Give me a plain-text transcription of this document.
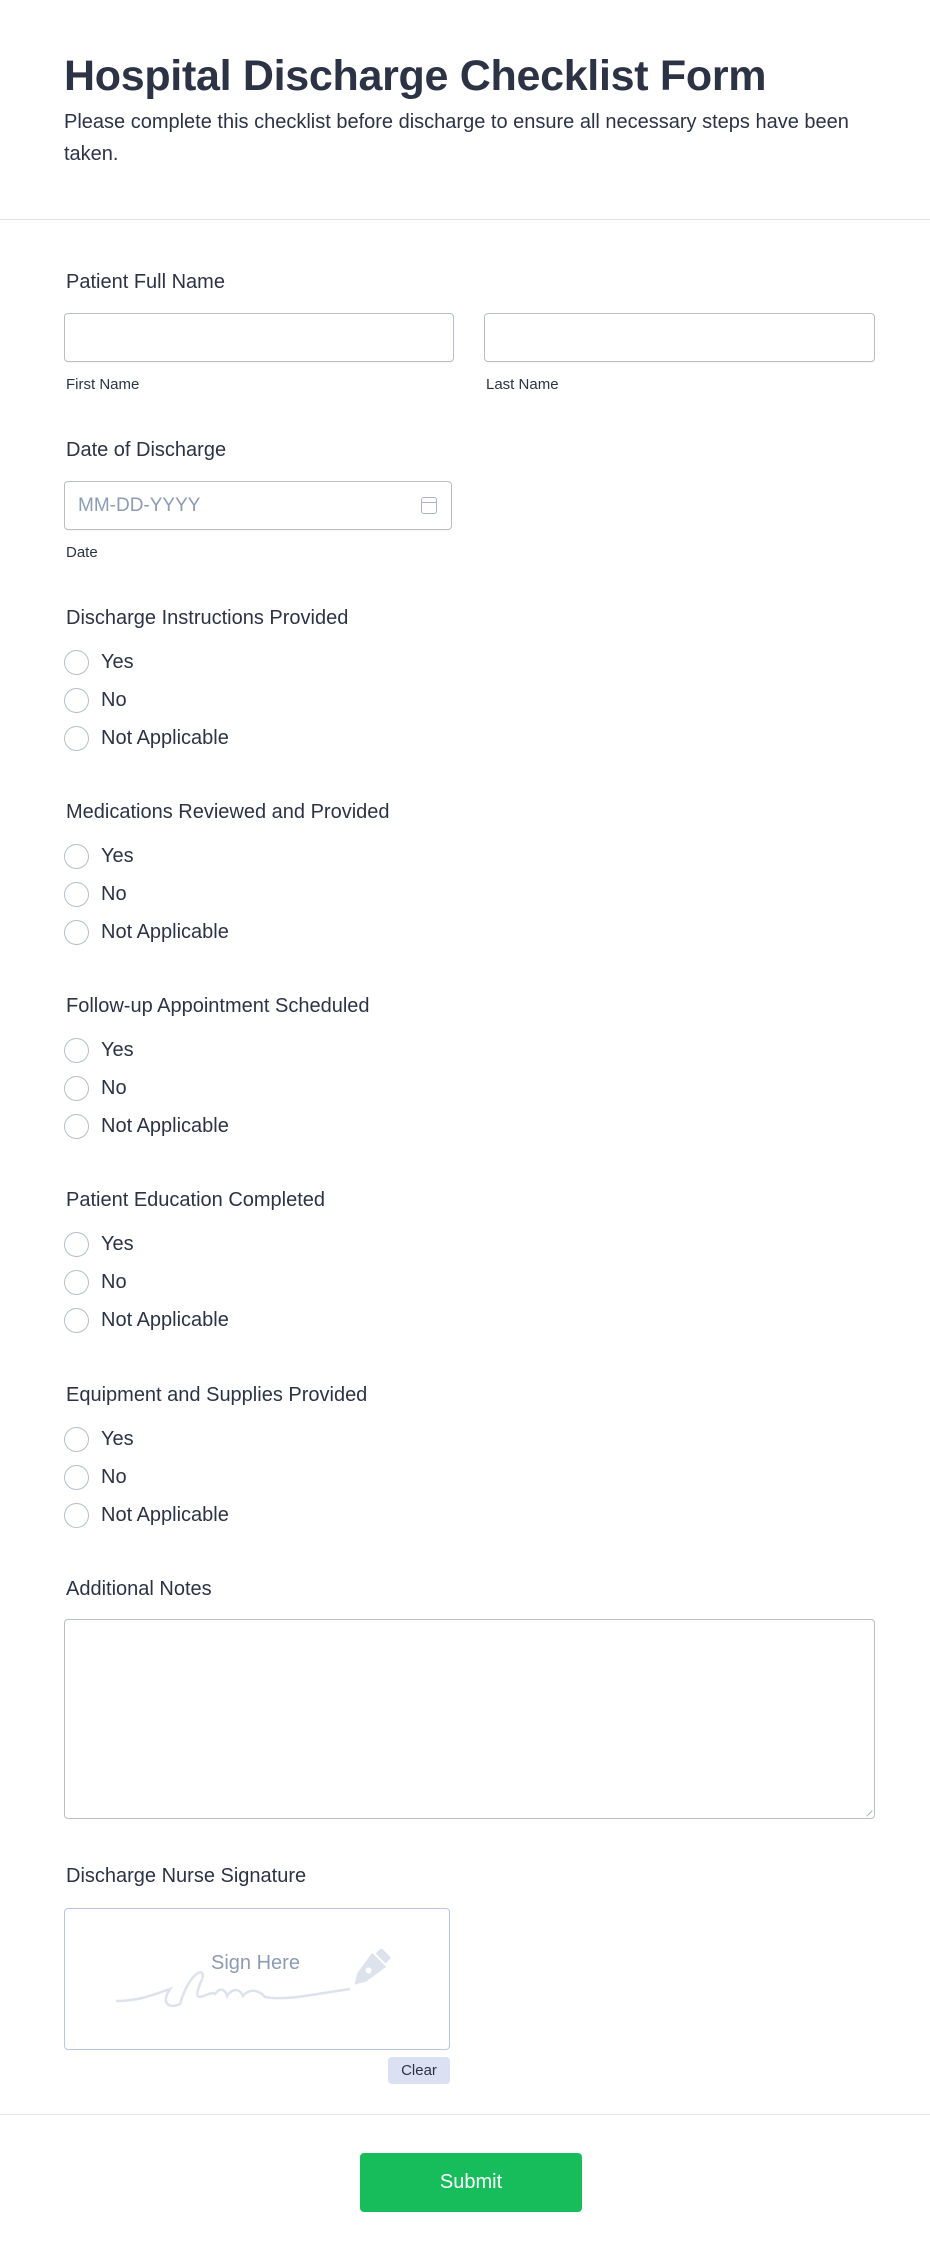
Hospital Discharge Checklist Form

Please complete this checklist before discharge to ensure all necessary steps have been taken.

Patient Full Name
First Name	Last Name
Date of Discharge
MM-DD-YYYY
Date
Discharge Instructions Provided
Yes
No
Not Applicable
Medications Reviewed and Provided
Yes
No
Not Applicable
Follow-up Appointment Scheduled
Yes
No
Not Applicable
Patient Education Completed
Yes
No
Not Applicable
Equipment and Supplies Provided
Yes
No
Not Applicable
Additional Notes
Discharge Nurse Signature
Sign Here
Clear
Submit
